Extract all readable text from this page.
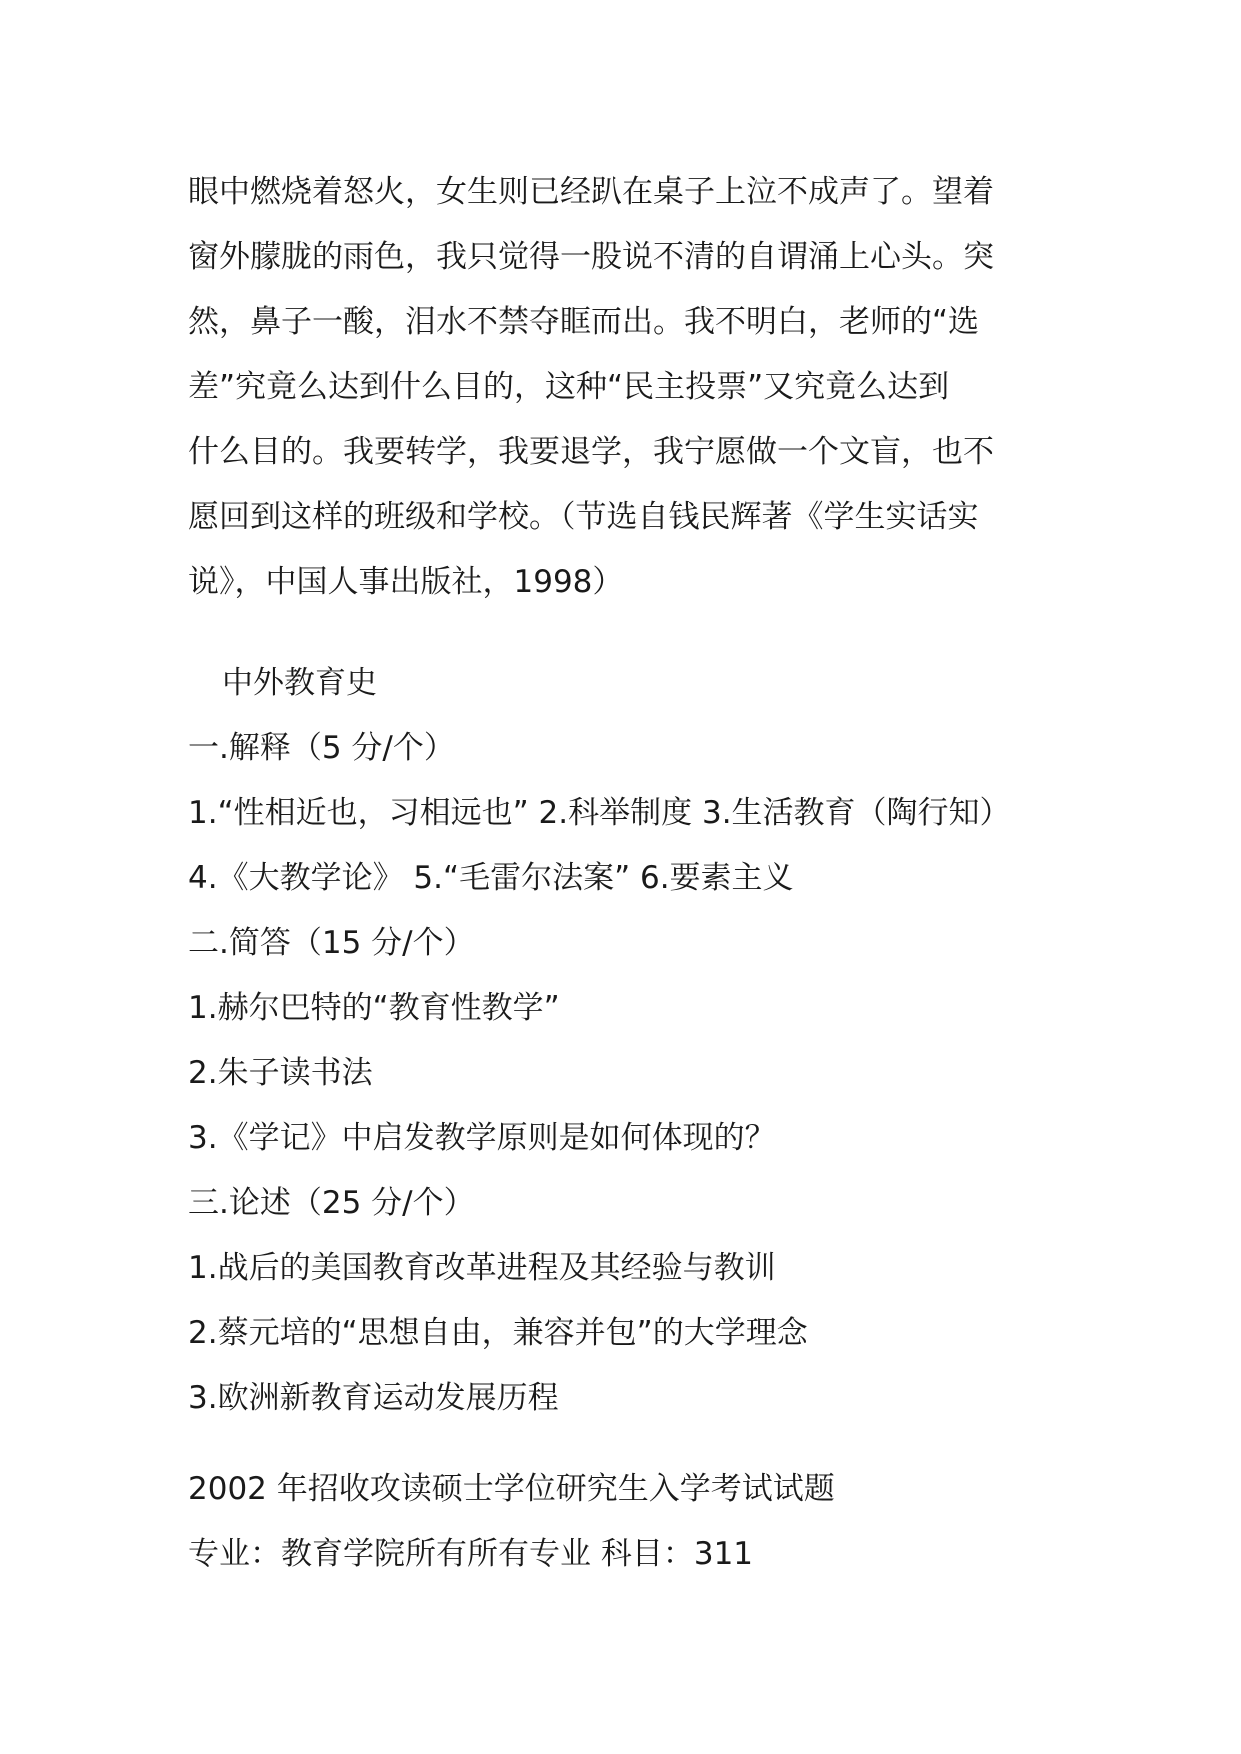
眼中燃烧着怒火，女生则已经趴在桌子上泣不成声了。望着
窗外朦胧的雨色，我只觉得一股说不清的自谓涌上心头。突
然，鼻子一酸，泪水不禁夺眶而出。我不明白，老师的“选
差”究竟么达到什么目的，这种“民主投票”又究竟么达到
什么目的。我要转学，我要退学，我宁愿做一个文盲，也不
愿回到这样的班级和学校。（节选自钱民辉著《学生实话实
说》，中国人事出版社，1998）
中外教育史
一.解释（5 分/个）
1.“性相近也，习相远也” 2.科举制度 3.生活教育（陶行知）
4.《大教学论》 5.“毛雷尔法案” 6.要素主义
二.简答（15 分/个）
1.赫尔巴特的“教育性教学”
2.朱子读书法
3.《学记》中启发教学原则是如何体现的？
三.论述（25 分/个）
1.战后的美国教育改革进程及其经验与教训
2.蔡元培的“思想自由，兼容并包”的大学理念
3.欧洲新教育运动发展历程
2002 年招收攻读硕士学位研究生入学考试试题
专业：教育学院所有所有专业 科目：311
